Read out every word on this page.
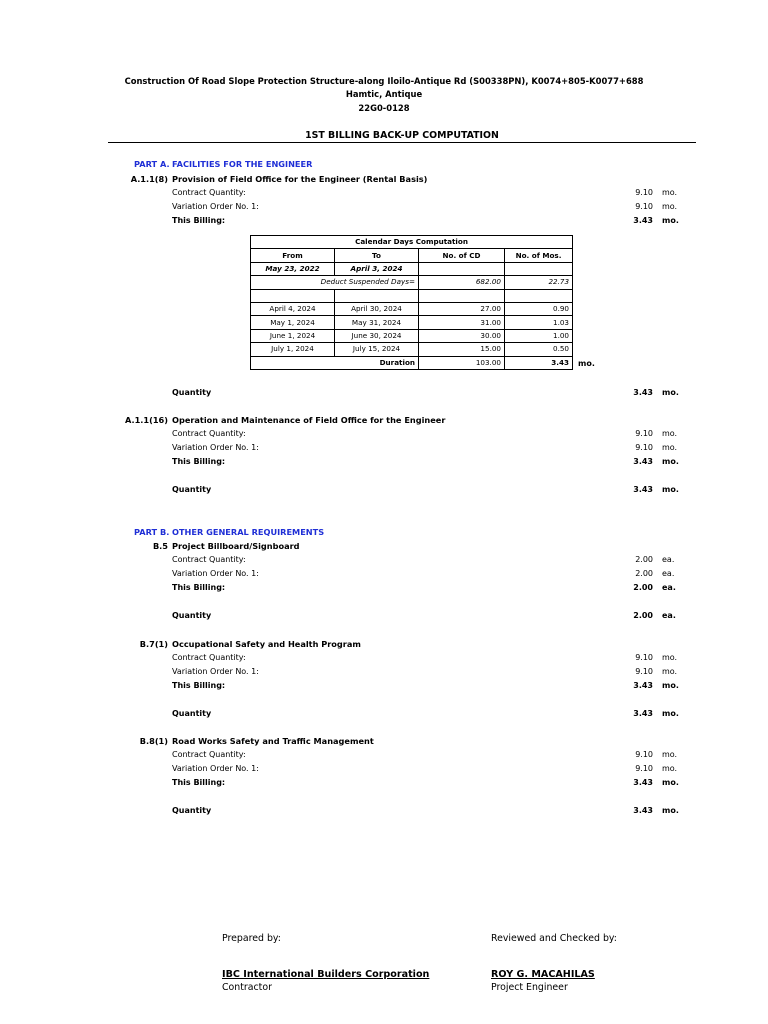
Construction Of Road Slope Protection Structure-along Iloilo-Antique Rd (S00338PN), K0074+805-K0077+688
Hamtic, Antique
22G0-0128
1ST BILLING BACK-UP COMPUTATION
PART A. FACILITIES FOR THE ENGINEER
A.1.1(8) Provision of Field Office for the Engineer (Rental Basis)
Contract Quantity:	9.10 mo.
Variation Order No. 1:	9.10 mo.
This Billing:	3.43 mo.
Calendar Days Computation			
From	To	No. of CD	No. of Mos.
May 23, 2022	April 3, 2024		
Deduct Suspended Days=		682.00	22.73

April 4, 2024	April 30, 2024	27.00	0.90
May 1, 2024	May 31, 2024	31.00	1.03
June 1, 2024	June 30, 2024	30.00	1.00
July 1, 2024	July 15, 2024	15.00	0.50
Duration		103.00	3.43 mo.
Quantity	3.43 mo.
A.1.1(16) Operation and Maintenance of Field Office for the Engineer
Contract Quantity:	9.10 mo.
Variation Order No. 1:	9.10 mo.
This Billing:	3.43 mo.
Quantity	3.43 mo.
PART B. OTHER GENERAL REQUIREMENTS
B.5 Project Billboard/Signboard
Contract Quantity:	2.00 ea.
Variation Order No. 1:	2.00 ea.
This Billing:	2.00 ea.
Quantity	2.00 ea.
B.7(1) Occupational Safety and Health Program
Contract Quantity:	9.10 mo.
Variation Order No. 1:	9.10 mo.
This Billing:	3.43 mo.
Quantity	3.43 mo.
B.8(1) Road Works Safety and Traffic Management
Contract Quantity:	9.10 mo.
Variation Order No. 1:	9.10 mo.
This Billing:	3.43 mo.
Quantity	3.43 mo.
Prepared by:
IBC International Builders Corporation
Contractor
Reviewed and Checked by:
ROY G. MACAHILAS
Project Engineer
